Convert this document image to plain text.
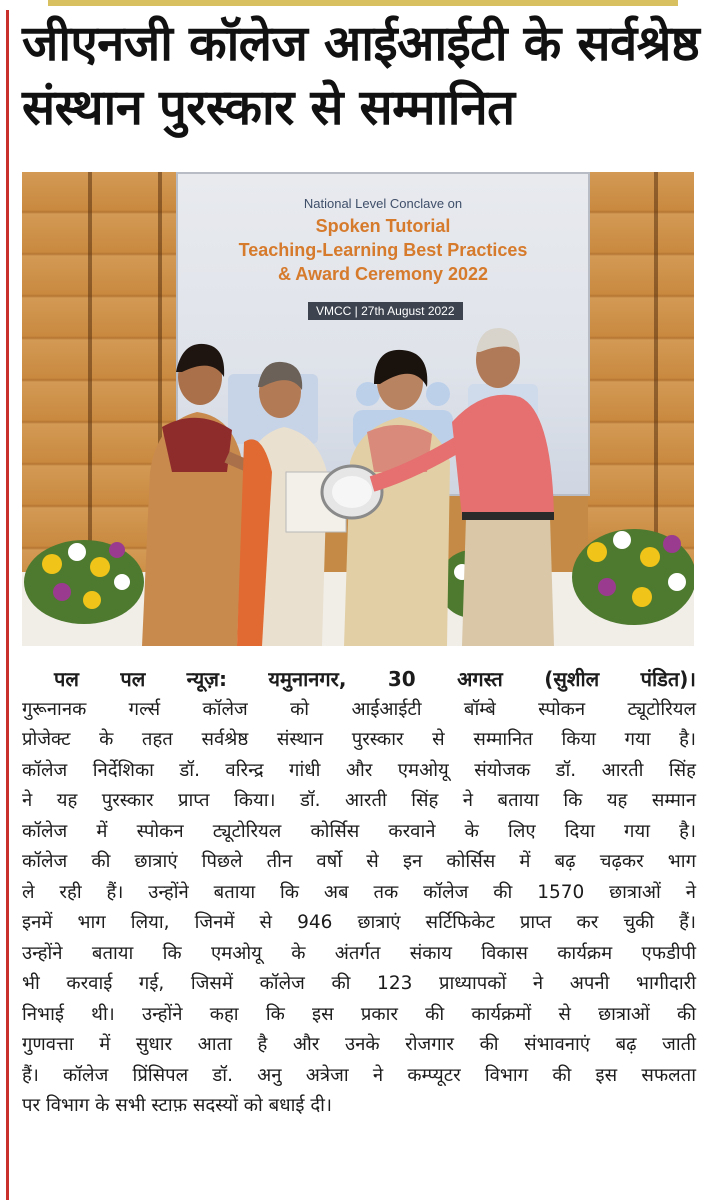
जीएनजी कॉलेज आईआईटी के सर्वश्रेष्ठ
संस्थान पुरस्कार से सम्मानित
National Level Conclave on
Spoken Tutorial
Teaching-Learning Best Practices
& Award Ceremony 2022
VMCC | 27th August 2022
पल पल न्यूज़: यमुनानगर, 30 अगस्त (सुशील पंडित)।
गुरूनानक गर्ल्स कॉलेज को आईआईटी बॉम्बे स्पोकन ट्यूटोरियल
प्रोजेक्ट के तहत सर्वश्रेष्ठ संस्थान पुरस्कार से सम्मानित किया गया है।
कॉलेज निर्देशिका डॉ. वरिन्द्र गांधी और एमओयू संयोजक डॉ. आरती सिंह
ने यह पुरस्कार प्राप्त किया। डॉ. आरती सिंह ने बताया कि यह सम्मान
कॉलेज में स्पोकन ट्यूटोरियल कोर्सिस करवाने के लिए दिया गया है।
कॉलेज की छात्राएं पिछले तीन वर्षो से इन कोर्सिस में बढ़ चढ़कर भाग
ले रही हैं। उन्होंने बताया कि अब तक कॉलेज की 1570 छात्राओं ने
इनमें भाग लिया, जिनमें से 946 छात्राएं सर्टिफिकेट प्राप्त कर चुकी हैं।
उन्होंने बताया कि एमओयू के अंतर्गत संकाय विकास कार्यक्रम एफडीपी
भी करवाई गई, जिसमें कॉलेज की 123 प्राध्यापकों ने अपनी भागीदारी
निभाई थी। उन्होंने कहा कि इस प्रकार की कार्यक्रमों से छात्राओं की
गुणवत्ता में सुधार आता है और उनके रोजगार की संभावनाएं बढ़ जाती
हैं। कॉलेज प्रिंसिपल डॉ. अनु अत्रेजा ने कम्प्यूटर विभाग की इस सफलता
पर विभाग के सभी स्टाफ़ सदस्यों को बधाई दी।
